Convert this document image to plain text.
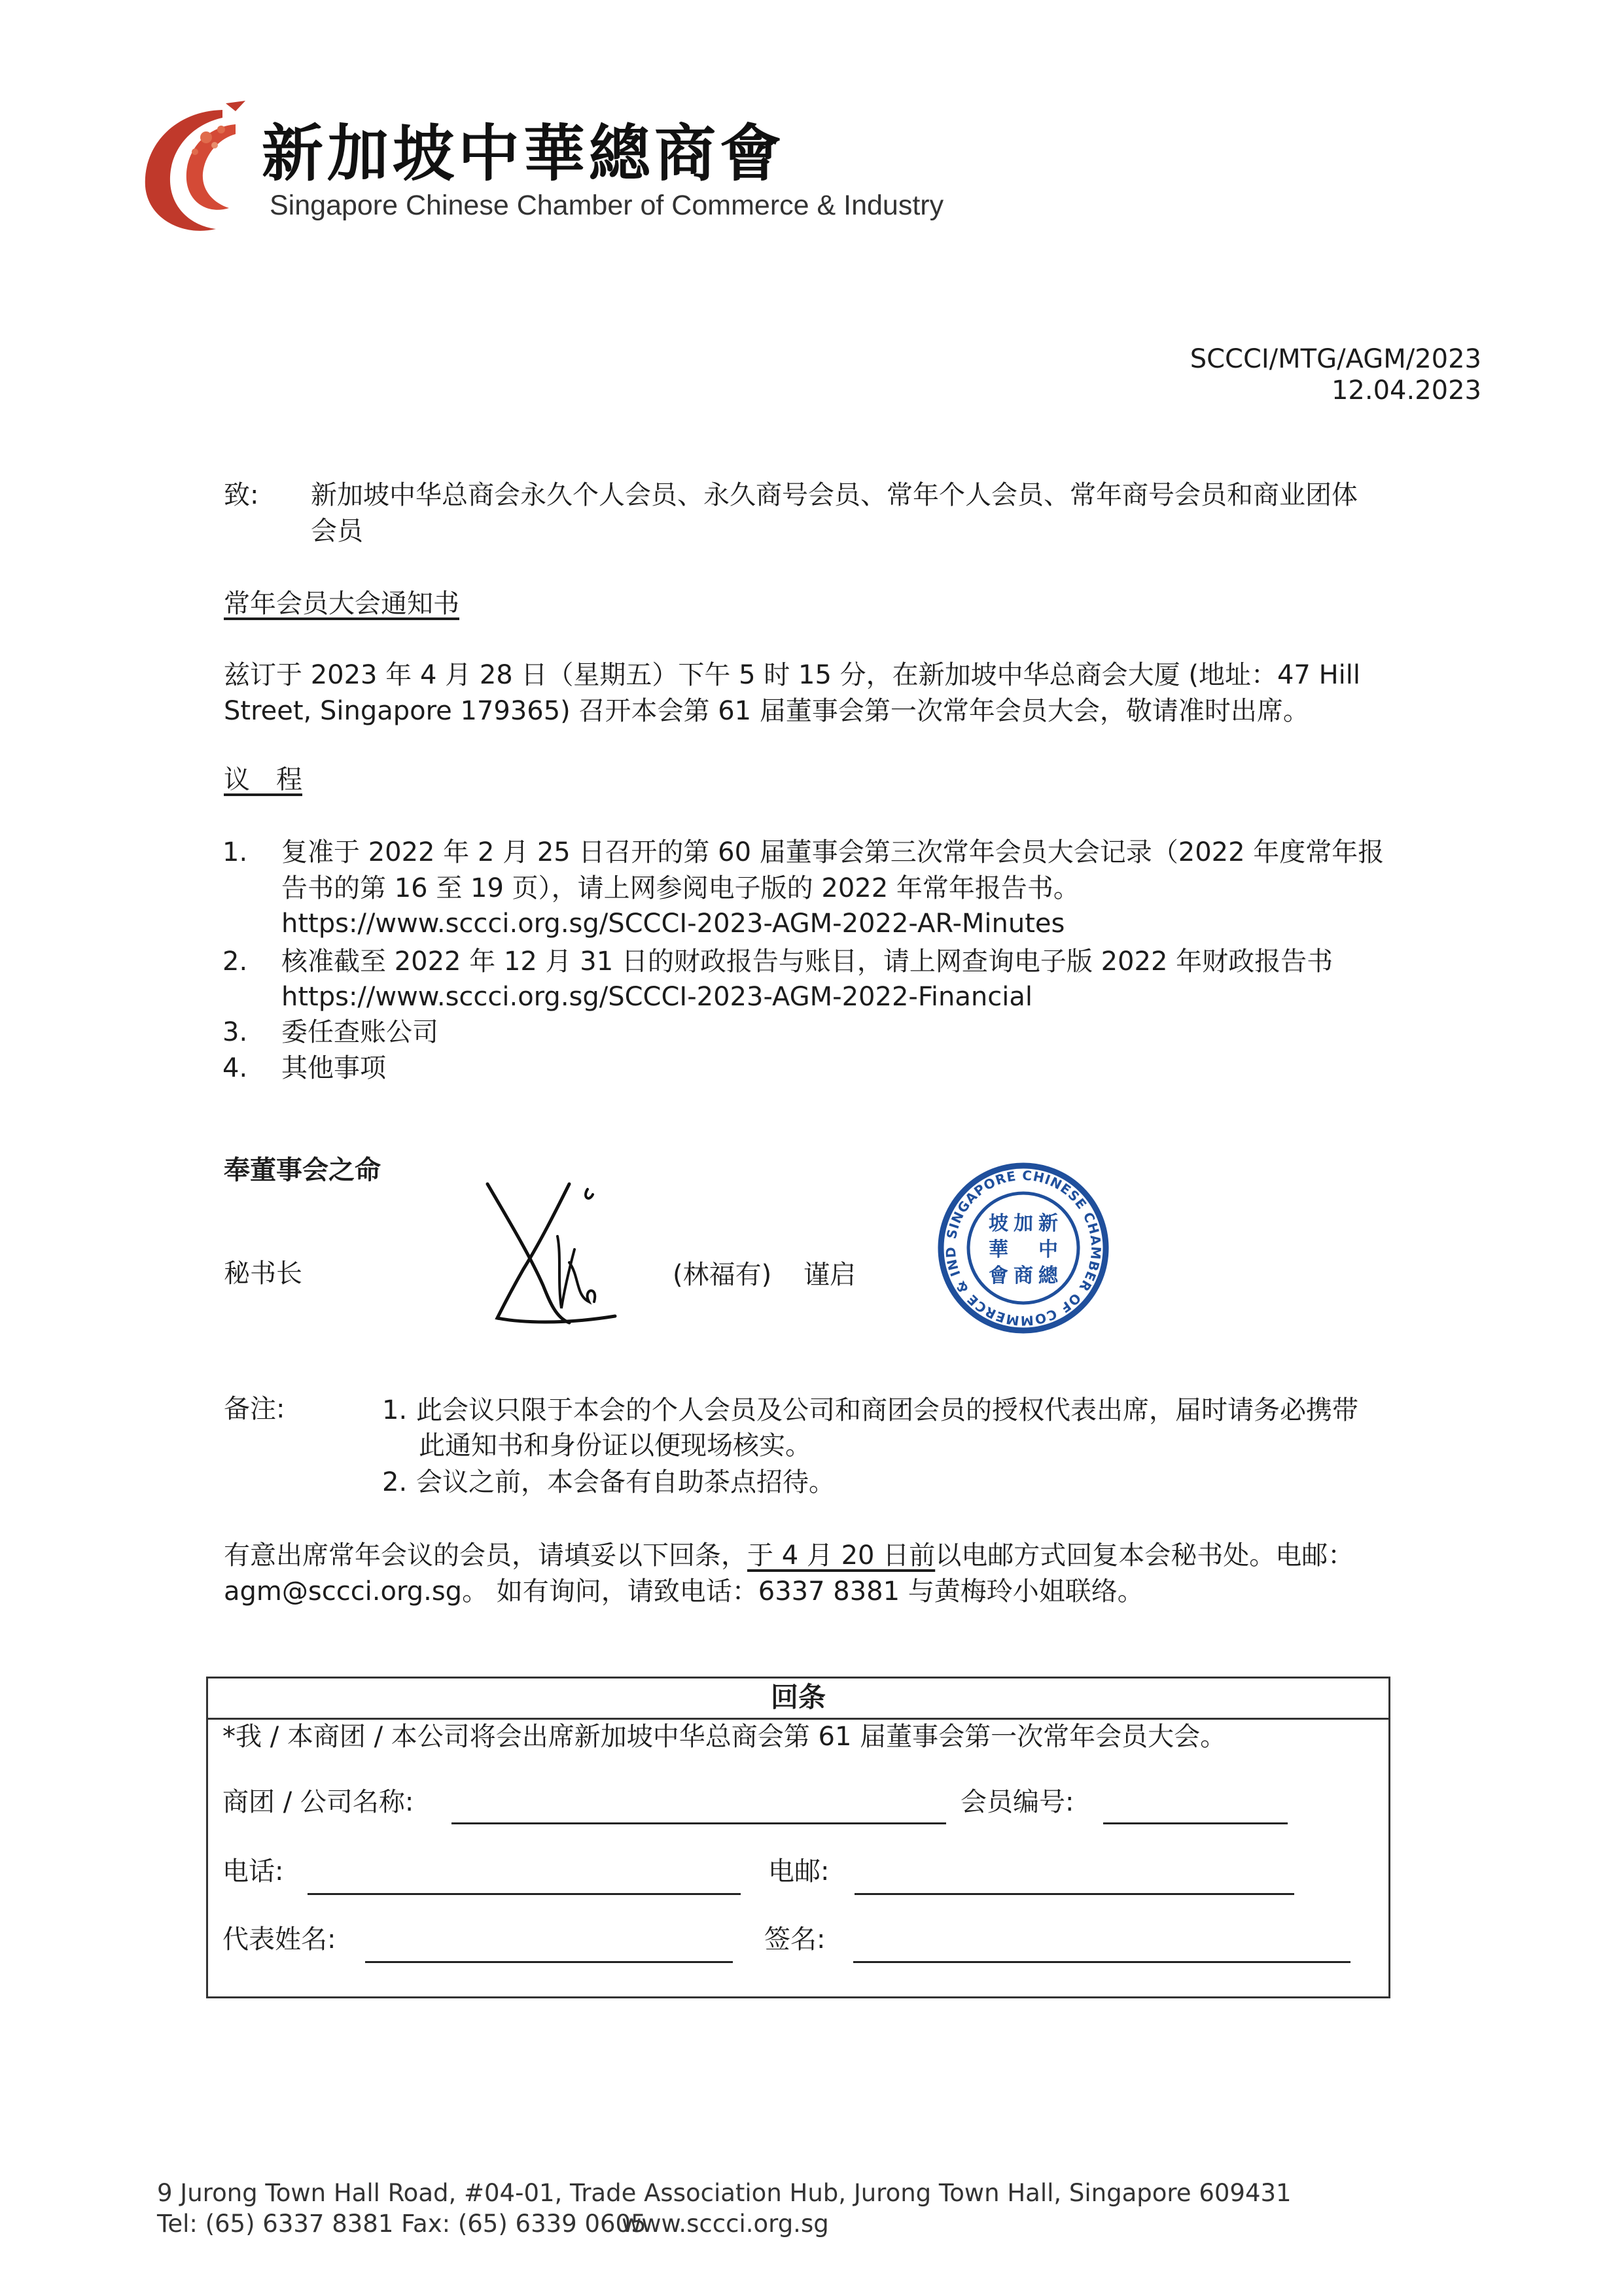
新加坡中華總商會
Singapore Chinese Chamber of Commerce & Industry
SCCCI/MTG/AGM/2023
12.04.2023
致: 新加坡中华总商会永久个人会员、永久商号会员、常年个人会员、常年商号会员和商业团体
会员
常年会员大会通知书
兹订于 2023 年 4 月 28 日（星期五）下午 5 时 15 分，在新加坡中华总商会大厦 (地址：47 Hill
Street, Singapore 179365) 召开本会第 61 届董事会第一次常年会员大会，敬请准时出席。
议　程
1. 复准于 2022 年 2 月 25 日召开的第 60 届董事会第三次常年会员大会记录（2022 年度常年报
告书的第 16 至 19 页），请上网参阅电子版的 2022 年常年报告书。
https://www.sccci.org.sg/SCCCI-2023-AGM-2022-AR-Minutes
2. 核准截至 2022 年 12 月 31 日的财政报告与账目，请上网查询电子版 2022 年财政报告书
https://www.sccci.org.sg/SCCCI-2023-AGM-2022-Financial
3. 委任查账公司
4. 其他事项
奉董事会之命
秘书长	(林福有) 谨启
SINGAPORE CHINESE CHAMBER OF COMMERCE & IND
坡 加 新
華 中
會 商 總
备注:	1. 此会议只限于本会的个人会员及公司和商团会员的授权代表出席，届时请务必携带
此通知书和身份证以便现场核实。
2. 会议之前，本会备有自助茶点招待。
有意出席常年会议的会员，请填妥以下回条，于 4 月 20 日前以电邮方式回复本会秘书处。电邮：
agm@sccci.org.sg。 如有询问，请致电话：6337 8381 与黄梅玲小姐联络。
回条
*我 / 本商团 / 本公司将会出席新加坡中华总商会第 61 届董事会第一次常年会员大会。
商团 / 公司名称:	会员编号:
电话:	电邮:
代表姓名:	签名:
9 Jurong Town Hall Road, #04-01, Trade Association Hub, Jurong Town Hall, Singapore 609431
Tel: (65) 6337 8381 Fax: (65) 6339 0605
www.sccci.org.sg
